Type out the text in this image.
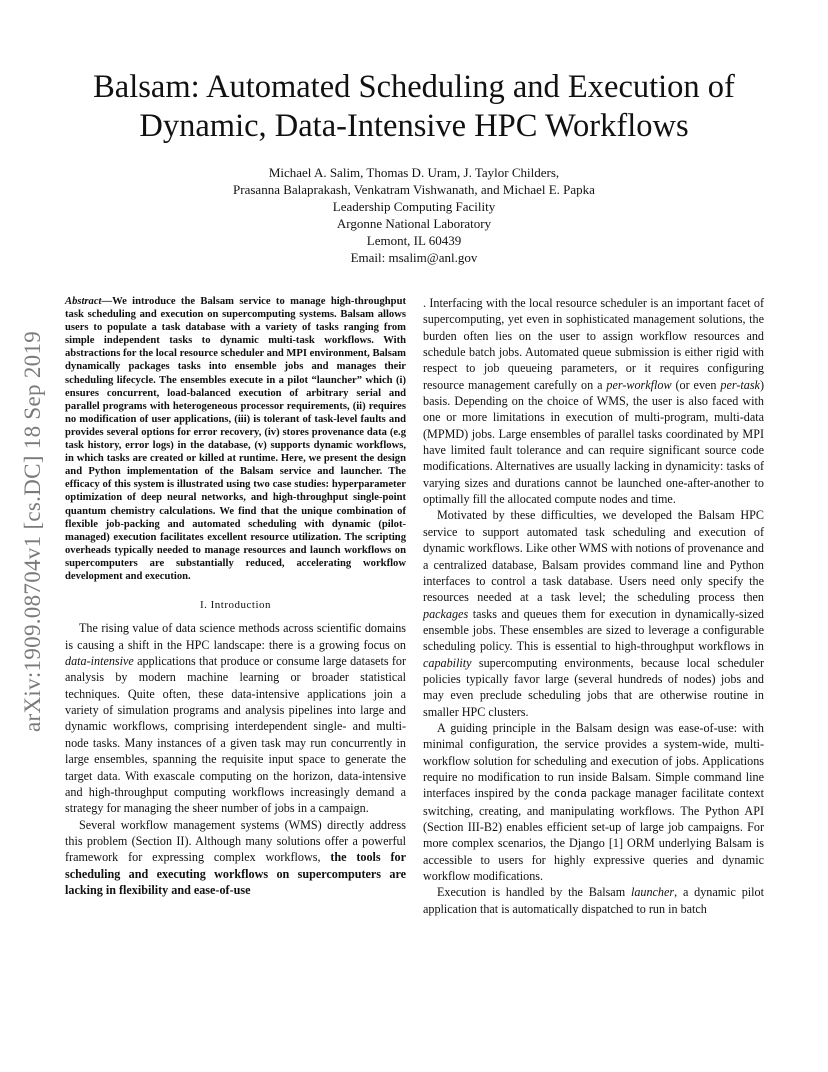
arXiv:1909.08704v1 [cs.DC] 18 Sep 2019
Balsam: Automated Scheduling and Execution of Dynamic, Data-Intensive HPC Workflows
Michael A. Salim, Thomas D. Uram, J. Taylor Childers,
Prasanna Balaprakash, Venkatram Vishwanath, and Michael E. Papka
Leadership Computing Facility
Argonne National Laboratory
Lemont, IL 60439
Email: msalim@anl.gov
Abstract—We introduce the Balsam service to manage high-throughput task scheduling and execution on supercomputing systems. Balsam allows users to populate a task database with a variety of tasks ranging from simple independent tasks to dynamic multi-task workflows. With abstractions for the local resource scheduler and MPI environment, Balsam dynamically packages tasks into ensemble jobs and manages their scheduling lifecycle. The ensembles execute in a pilot “launcher” which (i) ensures concurrent, load-balanced execution of arbitrary serial and parallel programs with heterogeneous processor requirements, (ii) requires no modification of user applications, (iii) is tolerant of task-level faults and provides several options for error recovery, (iv) stores provenance data (e.g task history, error logs) in the database, (v) supports dynamic workflows, in which tasks are created or killed at runtime. Here, we present the design and Python implementation of the Balsam service and launcher. The efficacy of this system is illustrated using two case studies: hyperparameter optimization of deep neural networks, and high-throughput single-point quantum chemistry calculations. We find that the unique combination of flexible job-packing and automated scheduling with dynamic (pilot-managed) execution facilitates excellent resource utilization. The scripting overheads typically needed to manage resources and launch workflows on supercomputers are substantially reduced, accelerating workflow development and execution.
I. Introduction

The rising value of data science methods across scientific domains is causing a shift in the HPC landscape: there is a growing focus on data-intensive applications that produce or consume large datasets for analysis by modern machine learning or broader statistical techniques. Quite often, these data-intensive applications join a variety of simulation programs and analysis pipelines into large and dynamic workflows, comprising interdependent single- and multi-node tasks. Many instances of a given task may run concurrently in large ensembles, spanning the requisite input space to generate the target data. With exascale computing on the horizon, data-intensive and high-throughput computing workflows increasingly demand a strategy for managing the sheer number of jobs in a campaign.

Several workflow management systems (WMS) directly address this problem (Section II). Although many solutions offer a powerful framework for expressing complex workflows, the tools for scheduling and executing workflows on supercomputers are lacking in flexibility and ease-of-use

. Interfacing with the local resource scheduler is an important facet of supercomputing, yet even in sophisticated management solutions, the burden often lies on the user to assign workflow resources and schedule batch jobs. Automated queue submission is either rigid with respect to job queueing parameters, or it requires configuring resource management carefully on a per-workflow (or even per-task) basis. Depending on the choice of WMS, the user is also faced with one or more limitations in execution of multi-program, multi-data (MPMD) jobs. Large ensembles of parallel tasks coordinated by MPI have limited fault tolerance and can require significant source code modifications. Alternatives are usually lacking in dynamicity: tasks of varying sizes and durations cannot be launched one-after-another to optimally fill the allocated compute nodes and time.

Motivated by these difficulties, we developed the Balsam HPC service to support automated task scheduling and execution of dynamic workflows. Like other WMS with notions of provenance and a centralized database, Balsam provides command line and Python interfaces to control a task database. Users need only specify the resources needed at a task level; the scheduling process then packages tasks and queues them for execution in dynamically-sized ensemble jobs. These ensembles are sized to leverage a configurable scheduling policy. This is essential to high-throughput workflows in capability supercomputing environments, because local scheduler policies typically favor large (several hundreds of nodes) jobs and may even preclude scheduling jobs that are otherwise routine in smaller HPC clusters.

A guiding principle in the Balsam design was ease-of-use: with minimal configuration, the service provides a system-wide, multi-workflow solution for scheduling and execution of jobs. Applications require no modification to run inside Balsam. Simple command line interfaces inspired by the conda package manager facilitate context switching, creating, and manipulating workflows. The Python API (Section III-B2) enables efficient set-up of large job campaigns. For more complex scenarios, the Django [1] ORM underlying Balsam is accessible to users for highly expressive queries and dynamic workflow modifications.

Execution is handled by the Balsam launcher, a dynamic pilot application that is automatically dispatched to run in batch
